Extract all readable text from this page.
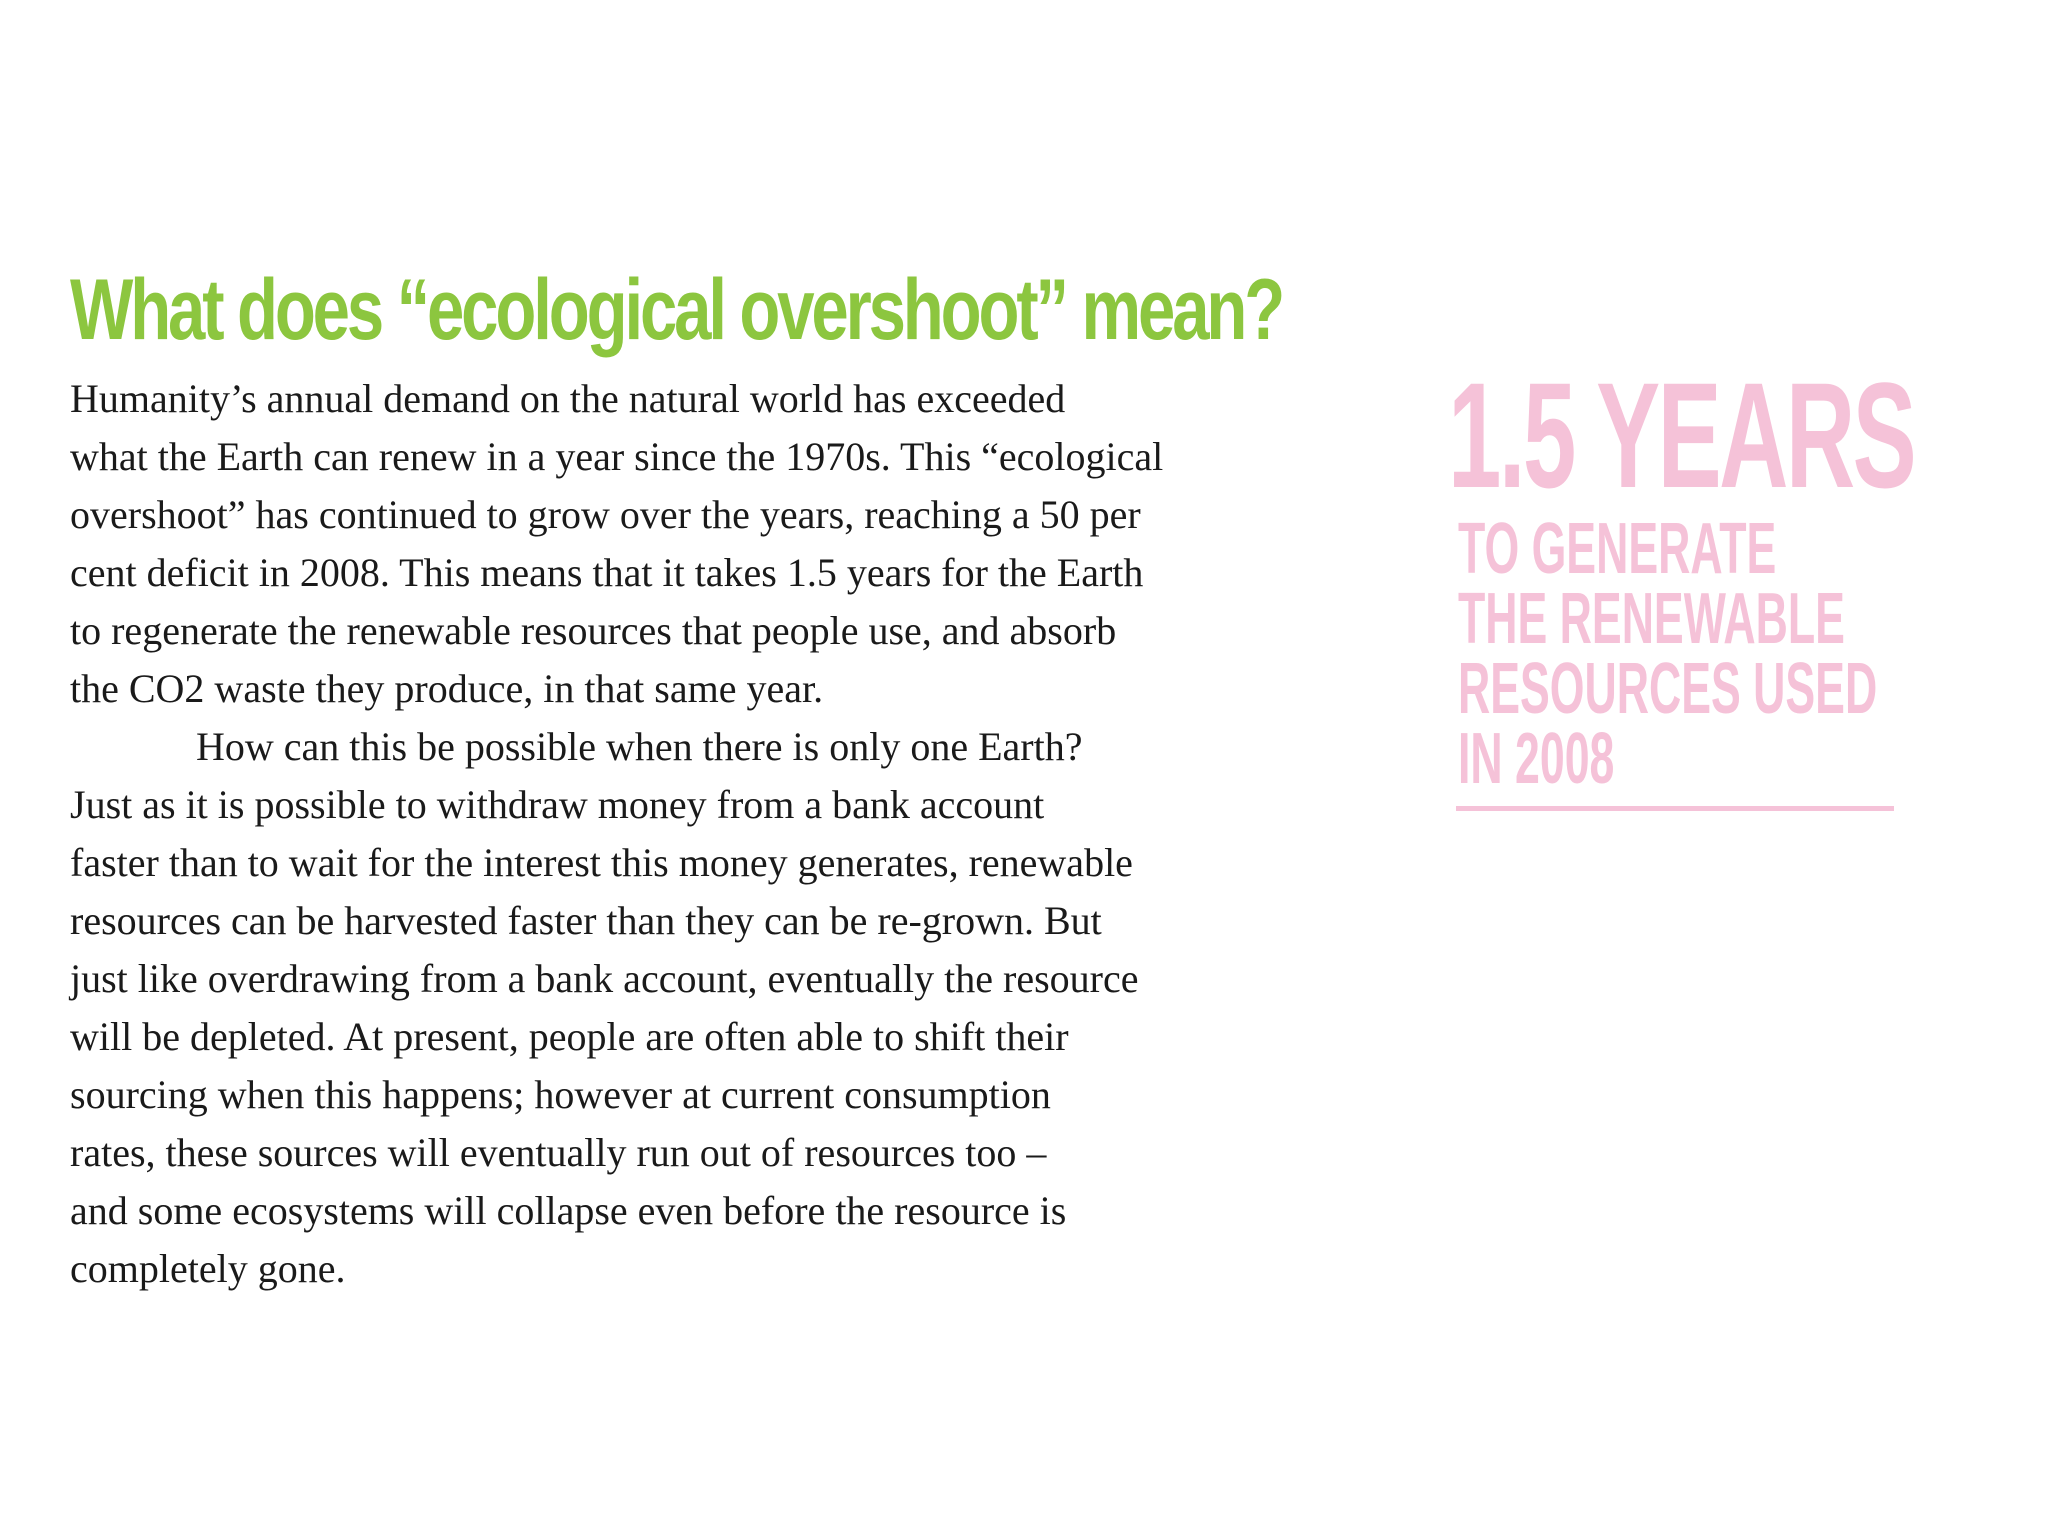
What does “ecological overshoot” mean?

Humanity’s annual demand on the natural world has exceeded
what the Earth can renew in a year since the 1970s. This “ecological
overshoot” has continued to grow over the years, reaching a 50 per
cent deficit in 2008. This means that it takes 1.5 years for the Earth
to regenerate the renewable resources that people use, and absorb
the CO2 waste they produce, in that same year.

How can this be possible when there is only one Earth?
Just as it is possible to withdraw money from a bank account
faster than to wait for the interest this money generates, renewable
resources can be harvested faster than they can be re-grown. But
just like overdrawing from a bank account, eventually the resource
will be depleted. At present, people are often able to shift their
sourcing when this happens; however at current consumption
rates, these sources will eventually run out of resources too –
and some ecosystems will collapse even before the resource is
completely gone.

1.5 YEARS
TO GENERATE
THE RENEWABLE
RESOURCES USED
IN 2008
